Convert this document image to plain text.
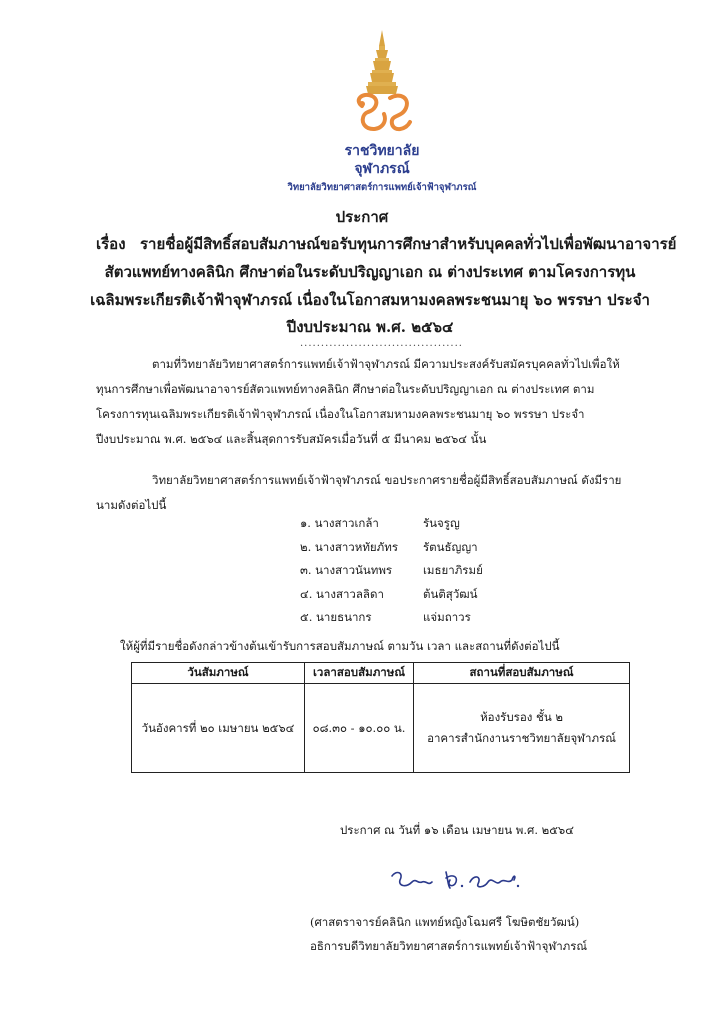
ราชวิทยาลัย
จุฬาภรณ์
วิทยาลัยวิทยาศาสตร์การแพทย์เจ้าฟ้าจุฬาภรณ์
ประกาศ
เรื่อง รายชื่อผู้มีสิทธิ์สอบสัมภาษณ์ขอรับทุนการศึกษาสำหรับบุคคลทั่วไปเพื่อพัฒนาอาจารย์
สัตวแพทย์ทางคลินิก ศึกษาต่อในระดับปริญญาเอก ณ ต่างประเทศ ตามโครงการทุน
เฉลิมพระเกียรติเจ้าฟ้าจุฬาภรณ์ เนื่องในโอกาสมหามงคลพระชนมายุ ๖๐ พรรษา ประจำ
ปีงบประมาณ พ.ศ. ๒๕๖๔
.......................................
ตามที่วิทยาลัยวิทยาศาสตร์การแพทย์เจ้าฟ้าจุฬาภรณ์ มีความประสงค์รับสมัครบุคคลทั่วไปเพื่อให้
ทุนการศึกษาเพื่อพัฒนาอาจารย์สัตวแพทย์ทางคลินิก ศึกษาต่อในระดับปริญญาเอก ณ ต่างประเทศ ตาม
โครงการทุนเฉลิมพระเกียรติเจ้าฟ้าจุฬาภรณ์ เนื่องในโอกาสมหามงคลพระชนมายุ ๖๐ พรรษา ประจำ
ปีงบประมาณ พ.ศ. ๒๕๖๔ และสิ้นสุดการรับสมัครเมื่อวันที่ ๕ มีนาคม ๒๕๖๔ นั้น
วิทยาลัยวิทยาศาสตร์การแพทย์เจ้าฟ้าจุฬาภรณ์ ขอประกาศรายชื่อผู้มีสิทธิ์สอบสัมภาษณ์ ดังมีราย
นามดังต่อไปนี้
๑. นางสาวเกล้า	รันจรูญ
๒. นางสาวหทัยภัทร	รัตนธัญญา
๓. นางสาวนันทพร	เมธยาภิรมย์
๔. นางสาวลลิดา	ต้นติสุวัฒน์
๕. นายธนากร	แจ่มถาวร
ให้ผู้ที่มีรายชื่อดังกล่าวข้างต้นเข้ารับการสอบสัมภาษณ์ ตามวัน เวลา และสถานที่ดังต่อไปนี้
วันสัมภาษณ์	เวลาสอบสัมภาษณ์	สถานที่สอบสัมภาษณ์
วันอังคารที่ ๒๐ เมษายน ๒๕๖๔	๐๘.๓๐ - ๑๐.๐๐ น.	ห้องรับรอง ชั้น ๒
อาคารสำนักงานราชวิทยาลัยจุฬาภรณ์
ประกาศ ณ วันที่ ๑๖ เดือน เมษายน พ.ศ. ๒๕๖๔
(ศาสตราจารย์คลินิก แพทย์หญิงโฉมศรี โฆษิตชัยวัฒน์)
อธิการบดีวิทยาลัยวิทยาศาสตร์การแพทย์เจ้าฟ้าจุฬาภรณ์
